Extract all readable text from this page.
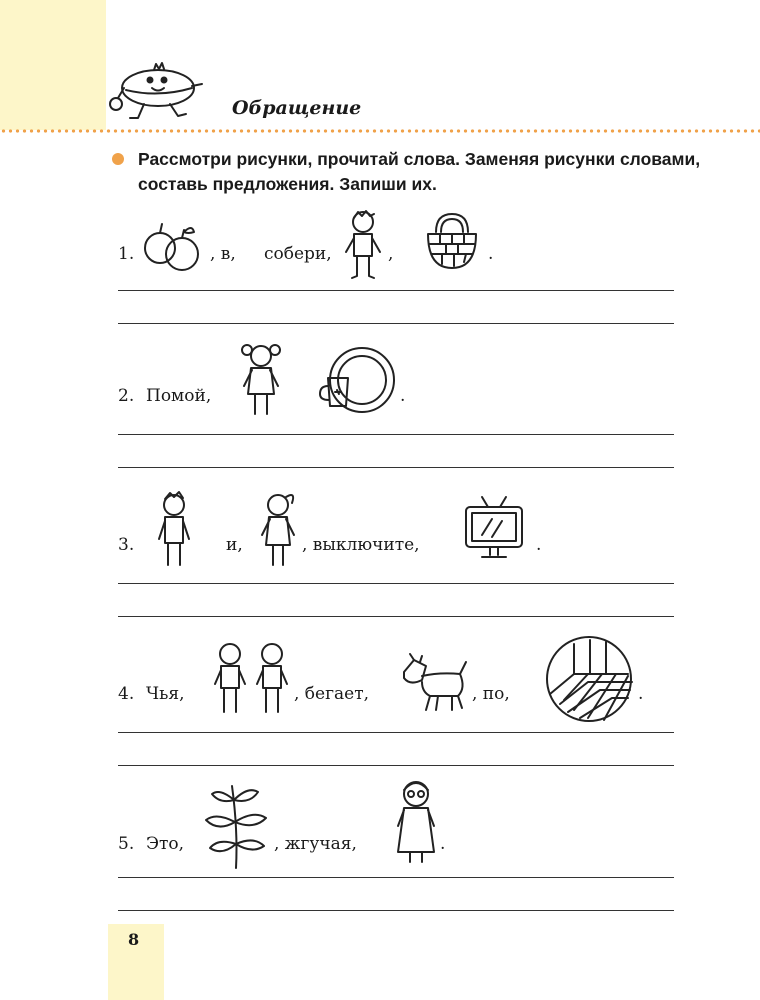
Обращение
Рассмотри рисунки, прочитай слова. Заменяя рисунки словами, составь предложения. Запиши их.
1.	, в, собери,	,	.
2. Помой,	.
3.	и,	, выключите,	.
4. Чья,	, бегает,	, по,	.
5. Это,	, жгучая,	.
8
